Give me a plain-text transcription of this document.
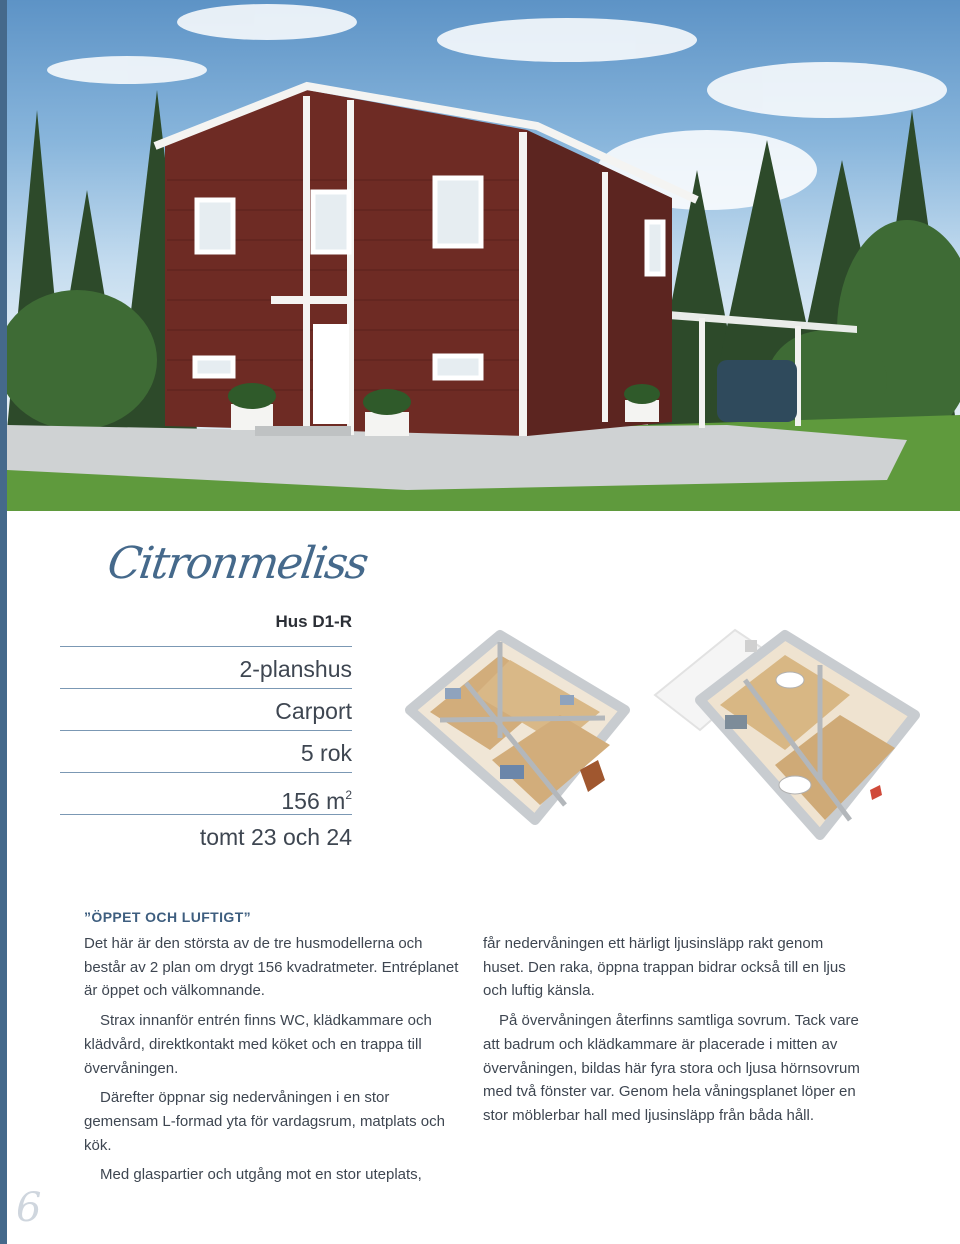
Citronmeliss
Hus D1-R
2-planshus
Carport
5 rok
156 $m^2$
tomt 23 och 24
”ÖPPET OCH LUFTIGT”

Det här är den största av de tre husmodellerna och består av 2 plan om drygt 156 kvadratmeter. Entréplanet är öppet och välkomnande.

Strax innanför entrén finns WC, klädkammare och klädvård, direktkontakt med köket och en trappa till övervåningen.

Därefter öppnar sig nedervåningen i en stor gemensam L-formad yta för vardagsrum, matplats och kök.

Med glaspartier och utgång mot en stor uteplats,

får nedervåningen ett härligt ljusinsläpp rakt genom huset. Den raka, öppna trappan bidrar också till en ljus och luftig känsla.

På övervåningen återfinns samtliga sovrum. Tack vare att badrum och klädkammare är placerade i mitten av övervåningen, bildas här fyra stora och ljusa hörnsovrum med två fönster var. Genom hela våningsplanet löper en stor möblerbar hall med ljusinsläpp från båda håll.

6
